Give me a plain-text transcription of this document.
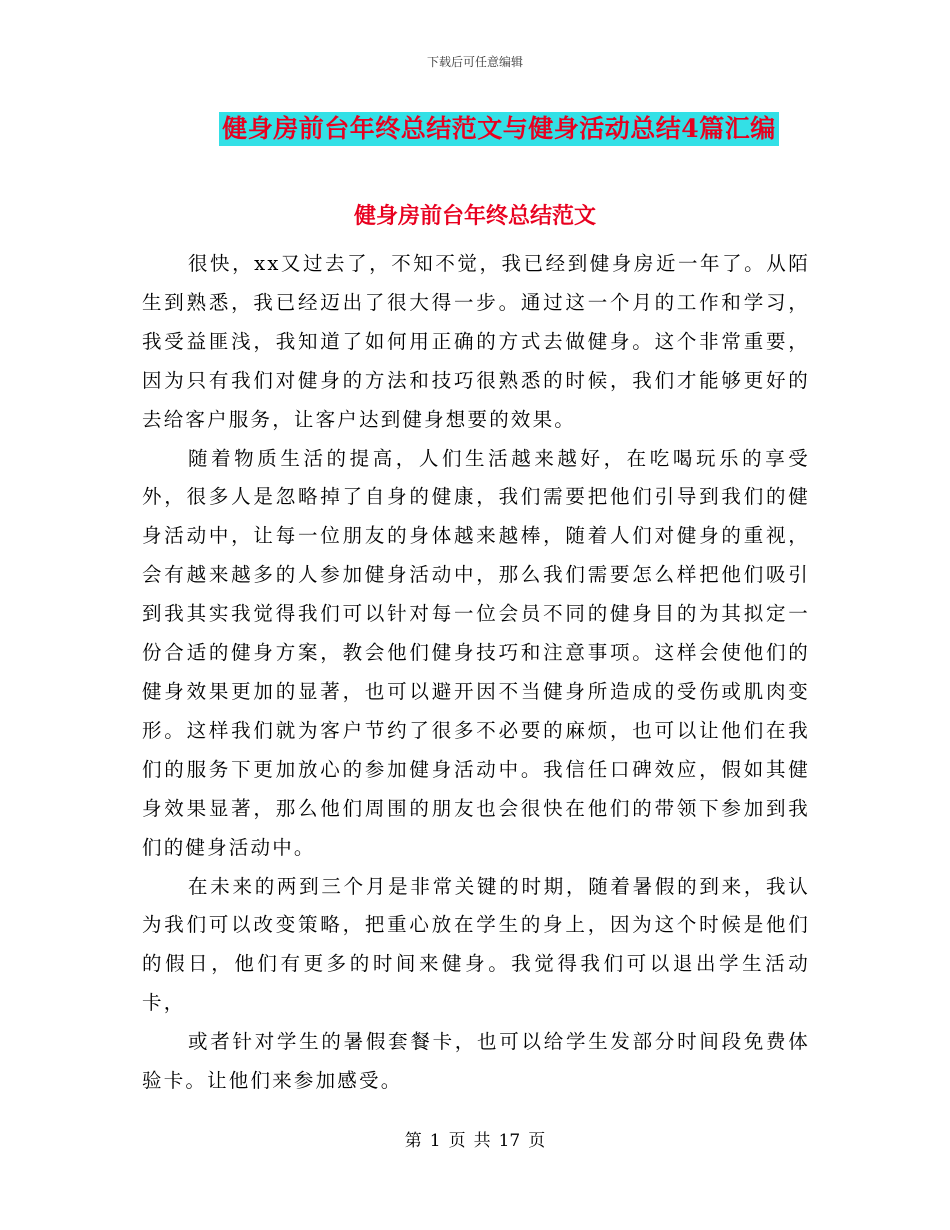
下载后可任意编辑
健身房前台年终总结范文与健身活动总结4篇汇编
健身房前台年终总结范文

很快，xx又过去了，不知不觉，我已经到健身房近一年了。从陌生到熟悉，我已经迈出了很大得一步。通过这一个月的工作和学习，我受益匪浅，我知道了如何用正确的方式去做健身。这个非常重要，因为只有我们对健身的方法和技巧很熟悉的时候，我们才能够更好的去给客户服务，让客户达到健身想要的效果。

随着物质生活的提高，人们生活越来越好，在吃喝玩乐的享受外，很多人是忽略掉了自身的健康，我们需要把他们引导到我们的健身活动中，让每一位朋友的身体越来越棒，随着人们对健身的重视，会有越来越多的人参加健身活动中，那么我们需要怎么样把他们吸引到我其实我觉得我们可以针对每一位会员不同的健身目的为其拟定一份合适的健身方案，教会他们健身技巧和注意事项。这样会使他们的健身效果更加的显著，也可以避开因不当健身所造成的受伤或肌肉变形。这样我们就为客户节约了很多不必要的麻烦，也可以让他们在我们的服务下更加放心的参加健身活动中。我信任口碑效应，假如其健身效果显著，那么他们周围的朋友也会很快在他们的带领下参加到我们的健身活动中。

在未来的两到三个月是非常关键的时期，随着暑假的到来，我认为我们可以改变策略，把重心放在学生的身上，因为这个时候是他们的假日，他们有更多的时间来健身。我觉得我们可以退出学生活动卡，

或者针对学生的暑假套餐卡，也可以给学生发部分时间段免费体验卡。让他们来参加感受。

第 1 页 共 17 页
